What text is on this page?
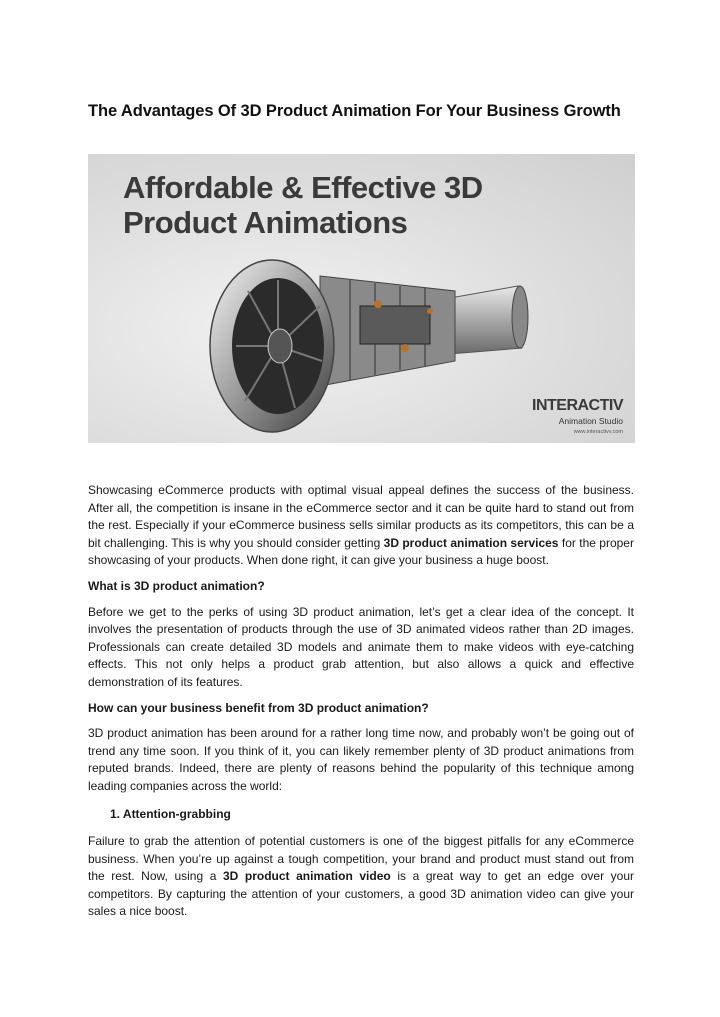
The Advantages Of 3D Product Animation For Your Business Growth
Affordable & Effective 3D
Product Animations
INTERACTIV
Animation Studio
www.interactivv.com

Showcasing eCommerce products with optimal visual appeal defines the success of the business. After all, the competition is insane in the eCommerce sector and it can be quite hard to stand out from the rest. Especially if your eCommerce business sells similar products as its competitors, this can be a bit challenging. This is why you should consider getting 3D product animation services for the proper showcasing of your products. When done right, it can give your business a huge boost.

What is 3D product animation?

Before we get to the perks of using 3D product animation, let’s get a clear idea of the concept. It involves the presentation of products through the use of 3D animated videos rather than 2D images. Professionals can create detailed 3D models and animate them to make videos with eye-catching effects. This not only helps a product grab attention, but also allows a quick and effective demonstration of its features.

How can your business benefit from 3D product animation?

3D product animation has been around for a rather long time now, and probably won’t be going out of trend any time soon. If you think of it, you can likely remember plenty of 3D product animations from reputed brands. Indeed, there are plenty of reasons behind the popularity of this technique among leading companies across the world:

1. Attention-grabbing

Failure to grab the attention of potential customers is one of the biggest pitfalls for any eCommerce business. When you’re up against a tough competition, your brand and product must stand out from the rest. Now, using a 3D product animation video is a great way to get an edge over your competitors. By capturing the attention of your customers, a good 3D animation video can give your sales a nice boost.
